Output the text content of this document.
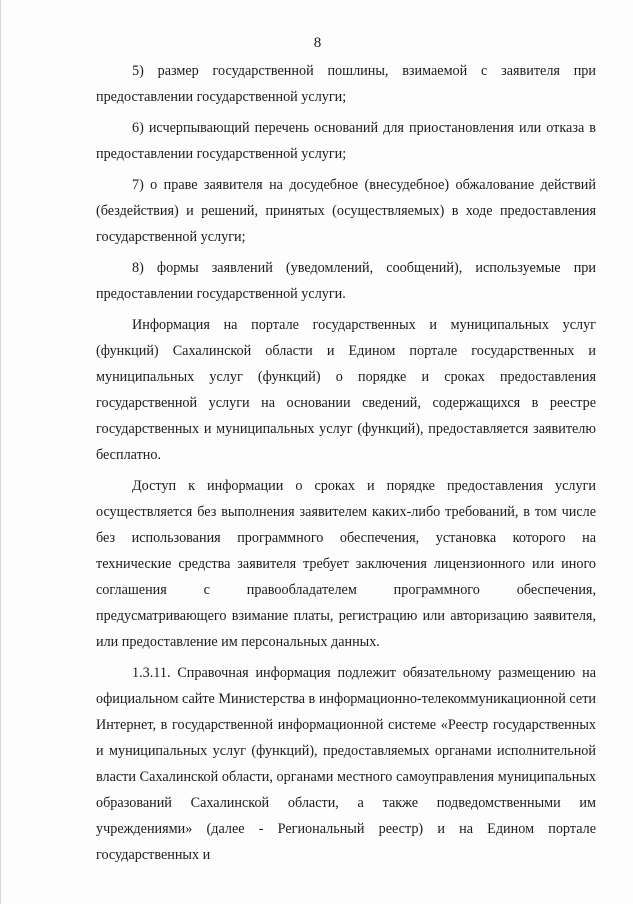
8

5) размер государственной пошлины, взимаемой с заявителя при предоставлении государственной услуги;

6) исчерпывающий перечень оснований для приостановления или отказа в предоставлении государственной услуги;

7) о праве заявителя на досудебное (внесудебное) обжалование действий (бездействия) и решений, принятых (осуществляемых) в ходе предоставления государственной услуги;

8) формы заявлений (уведомлений, сообщений), используемые при предоставлении государственной услуги.

Информация на портале государственных и муниципальных услуг (функций) Сахалинской области и Едином портале государственных и муниципальных услуг (функций) о порядке и сроках предоставления государственной услуги на основании сведений, содержащихся в реестре государственных и муниципальных услуг (функций), предоставляется заявителю бесплатно.

Доступ к информации о сроках и порядке предоставления услуги осуществляется без выполнения заявителем каких-либо требований, в том числе без использования программного обеспечения, установка которого на технические средства заявителя требует заключения лицензионного или иного соглашения с правообладателем программного обеспечения, предусматривающего взимание платы, регистрацию или авторизацию заявителя, или предоставление им персональных данных.

1.3.11. Справочная информация подлежит обязательному размещению на официальном сайте Министерства в информационно-телекоммуникационной сети Интернет, в государственной информационной системе «Реестр государственных и муниципальных услуг (функций), предоставляемых органами исполнительной власти Сахалинской области, органами местного самоуправления муниципальных образований Сахалинской области, а также подведомственными им учреждениями» (далее - Региональный реестр) и на Едином портале государственных и
